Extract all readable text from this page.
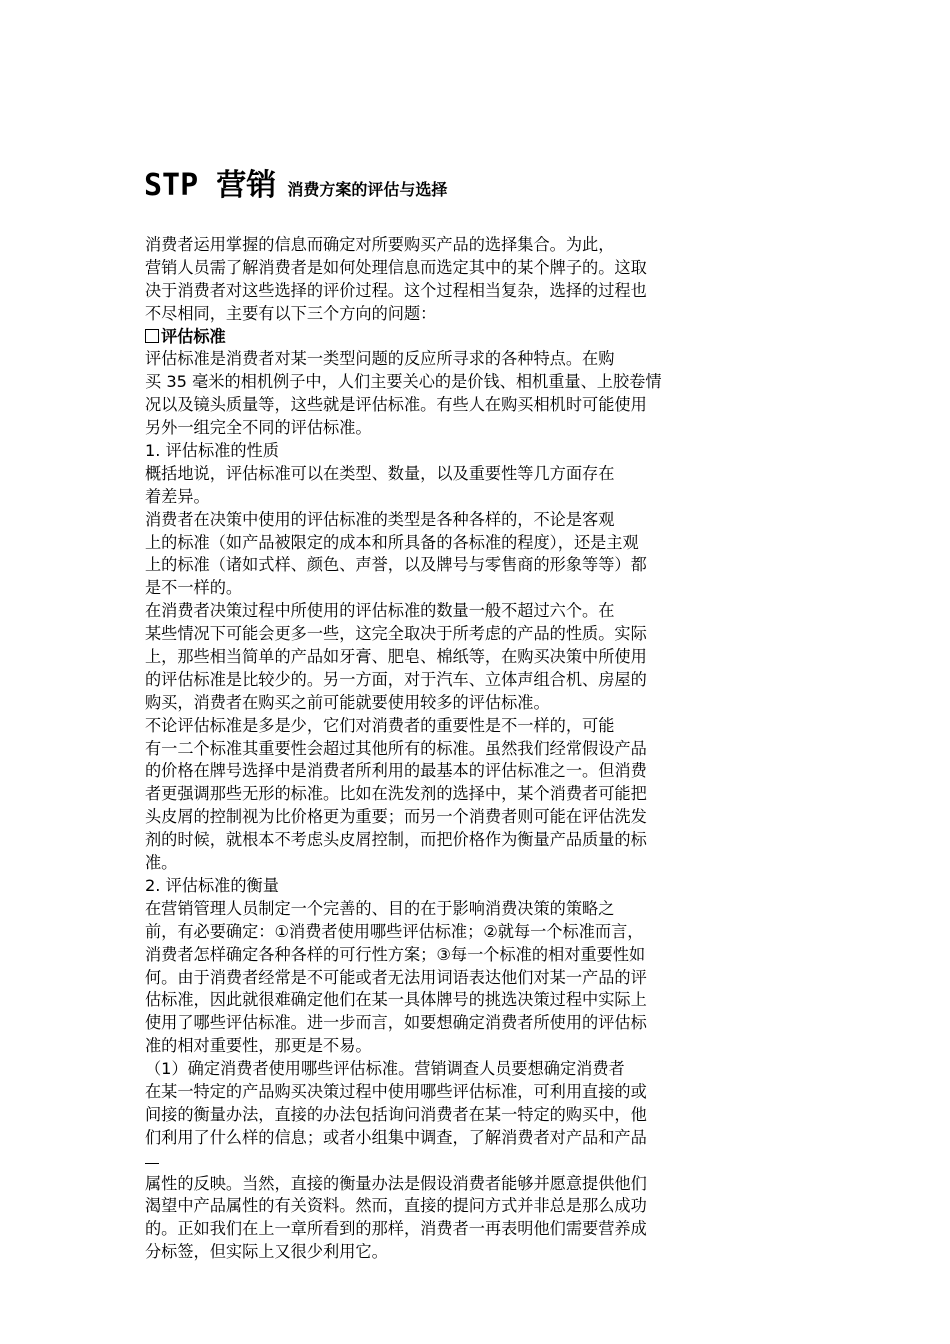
STP 营销 消费方案的评估与选择
消费者运用掌握的信息而确定对所要购买产品的选择集合。为此，
营销人员需了解消费者是如何处理信息而选定其中的某个牌子的。这取
决于消费者对这些选择的评价过程。这个过程相当复杂，选择的过程也
不尽相同，主要有以下三个方向的问题：
评估标准
评估标准是消费者对某一类型问题的反应所寻求的各种特点。在购
买 35 毫米的相机例子中，人们主要关心的是价钱、相机重量、上胶卷情
况以及镜头质量等，这些就是评估标准。有些人在购买相机时可能使用
另外一组完全不同的评估标准。
1. 评估标准的性质
概括地说，评估标准可以在类型、数量，以及重要性等几方面存在
着差异。
消费者在决策中使用的评估标准的类型是各种各样的，不论是客观
上的标准（如产品被限定的成本和所具备的各标准的程度），还是主观
上的标准（诸如式样、颜色、声誉，以及牌号与零售商的形象等等）都
是不一样的。
在消费者决策过程中所使用的评估标准的数量一般不超过六个。在
某些情况下可能会更多一些，这完全取决于所考虑的产品的性质。实际
上，那些相当简单的产品如牙膏、肥皂、棉纸等，在购买决策中所使用
的评估标准是比较少的。另一方面，对于汽车、立体声组合机、房屋的
购买，消费者在购买之前可能就要使用较多的评估标准。
不论评估标准是多是少，它们对消费者的重要性是不一样的，可能
有一二个标准其重要性会超过其他所有的标准。虽然我们经常假设产品
的价格在牌号选择中是消费者所利用的最基本的评估标准之一。但消费
者更强调那些无形的标准。比如在洗发剂的选择中，某个消费者可能把
头皮屑的控制视为比价格更为重要；而另一个消费者则可能在评估洗发
剂的时候，就根本不考虑头皮屑控制，而把价格作为衡量产品质量的标
准。
2. 评估标准的衡量
在营销管理人员制定一个完善的、目的在于影响消费决策的策略之
前，有必要确定：①消费者使用哪些评估标准；②就每一个标准而言，
消费者怎样确定各种各样的可行性方案；③每一个标准的相对重要性如
何。由于消费者经常是不可能或者无法用词语表达他们对某一产品的评
估标准，因此就很难确定他们在某一具体牌号的挑选决策过程中实际上
使用了哪些评估标准。进一步而言，如要想确定消费者所使用的评估标
准的相对重要性，那更是不易。
（1）确定消费者使用哪些评估标准。营销调查人员要想确定消费者
在某一特定的产品购买决策过程中使用哪些评估标准，可利用直接的或
间接的衡量办法，直接的办法包括询问消费者在某一特定的购买中，他
们利用了什么样的信息；或者小组集中调查，了解消费者对产品和产品
属性的反映。当然，直接的衡量办法是假设消费者能够并愿意提供他们
渴望中产品属性的有关资料。然而，直接的提问方式并非总是那么成功
的。正如我们在上一章所看到的那样，消费者一再表明他们需要营养成
分标签，但实际上又很少利用它。
